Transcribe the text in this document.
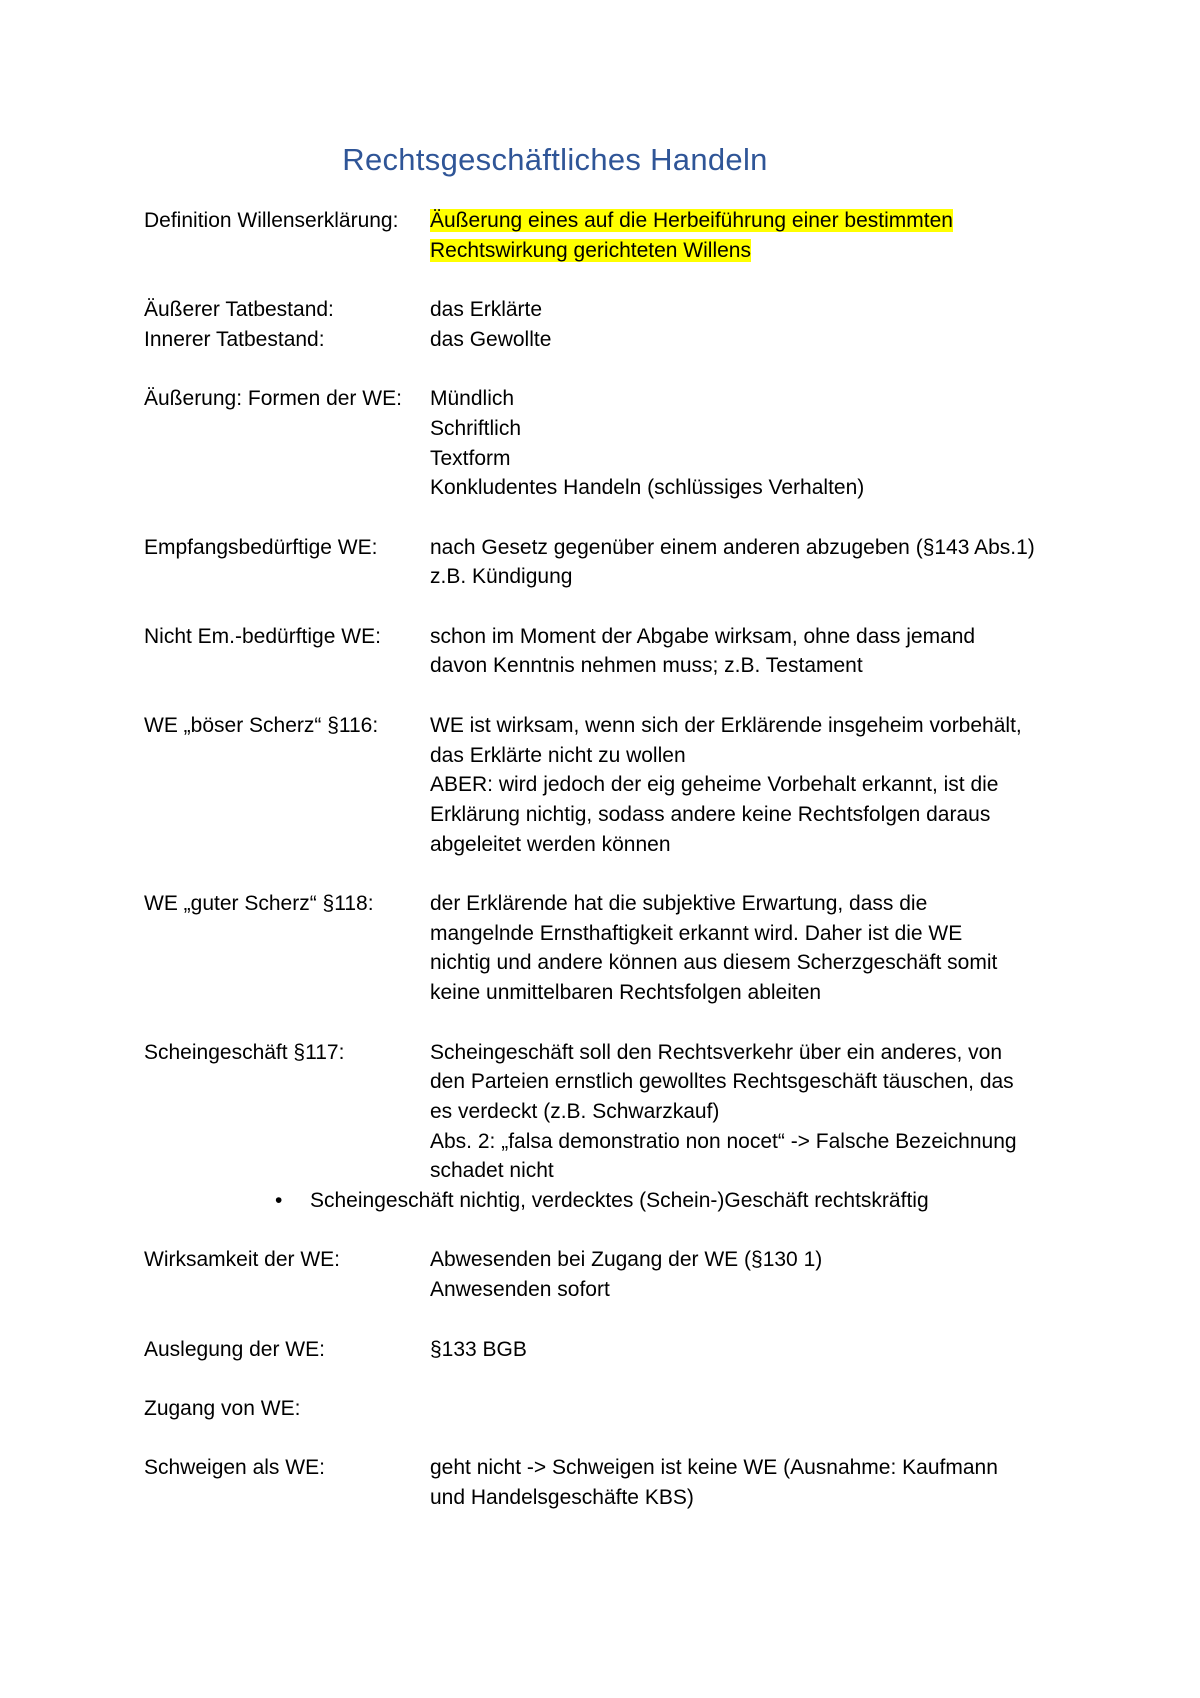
Rechtsgeschäftliches Handeln
Definition Willenserklärung:	Äußerung eines auf die Herbeiführung einer bestimmten
Rechtswirkung gerichteten Willens
Äußerer Tatbestand:	das Erklärte
Innerer Tatbestand:	das Gewollte
Äußerung: Formen der WE:	Mündlich
Schriftlich
Textform
Konkludentes Handeln (schlüssiges Verhalten)
Empfangsbedürftige WE:	nach Gesetz gegenüber einem anderen abzugeben (§143 Abs.1)
z.B. Kündigung
Nicht Em.-bedürftige WE:	schon im Moment der Abgabe wirksam, ohne dass jemand
davon Kenntnis nehmen muss; z.B. Testament
WE „böser Scherz“ §116:	WE ist wirksam, wenn sich der Erklärende insgeheim vorbehält,
das Erklärte nicht zu wollen
ABER: wird jedoch der eig geheime Vorbehalt erkannt, ist die
Erklärung nichtig, sodass andere keine Rechtsfolgen daraus
abgeleitet werden können
WE „guter Scherz“ §118:	der Erklärende hat die subjektive Erwartung, dass die
mangelnde Ernsthaftigkeit erkannt wird. Daher ist die WE
nichtig und andere können aus diesem Scherzgeschäft somit
keine unmittelbaren Rechtsfolgen ableiten
Scheingeschäft §117:	Scheingeschäft soll den Rechtsverkehr über ein anderes, von
den Parteien ernstlich gewolltes Rechtsgeschäft täuschen, das
es verdeckt (z.B. Schwarzkauf)
Abs. 2: „falsa demonstratio non nocet“ -> Falsche Bezeichnung
schadet nicht
• Scheingeschäft nichtig, verdecktes (Schein-)Geschäft rechtskräftig
Wirksamkeit der WE:	Abwesenden bei Zugang der WE (§130 1)
Anwesenden sofort
Auslegung der WE:	§133 BGB
Zugang von WE:
Schweigen als WE:	geht nicht -> Schweigen ist keine WE (Ausnahme: Kaufmann
und Handelsgeschäfte KBS)
